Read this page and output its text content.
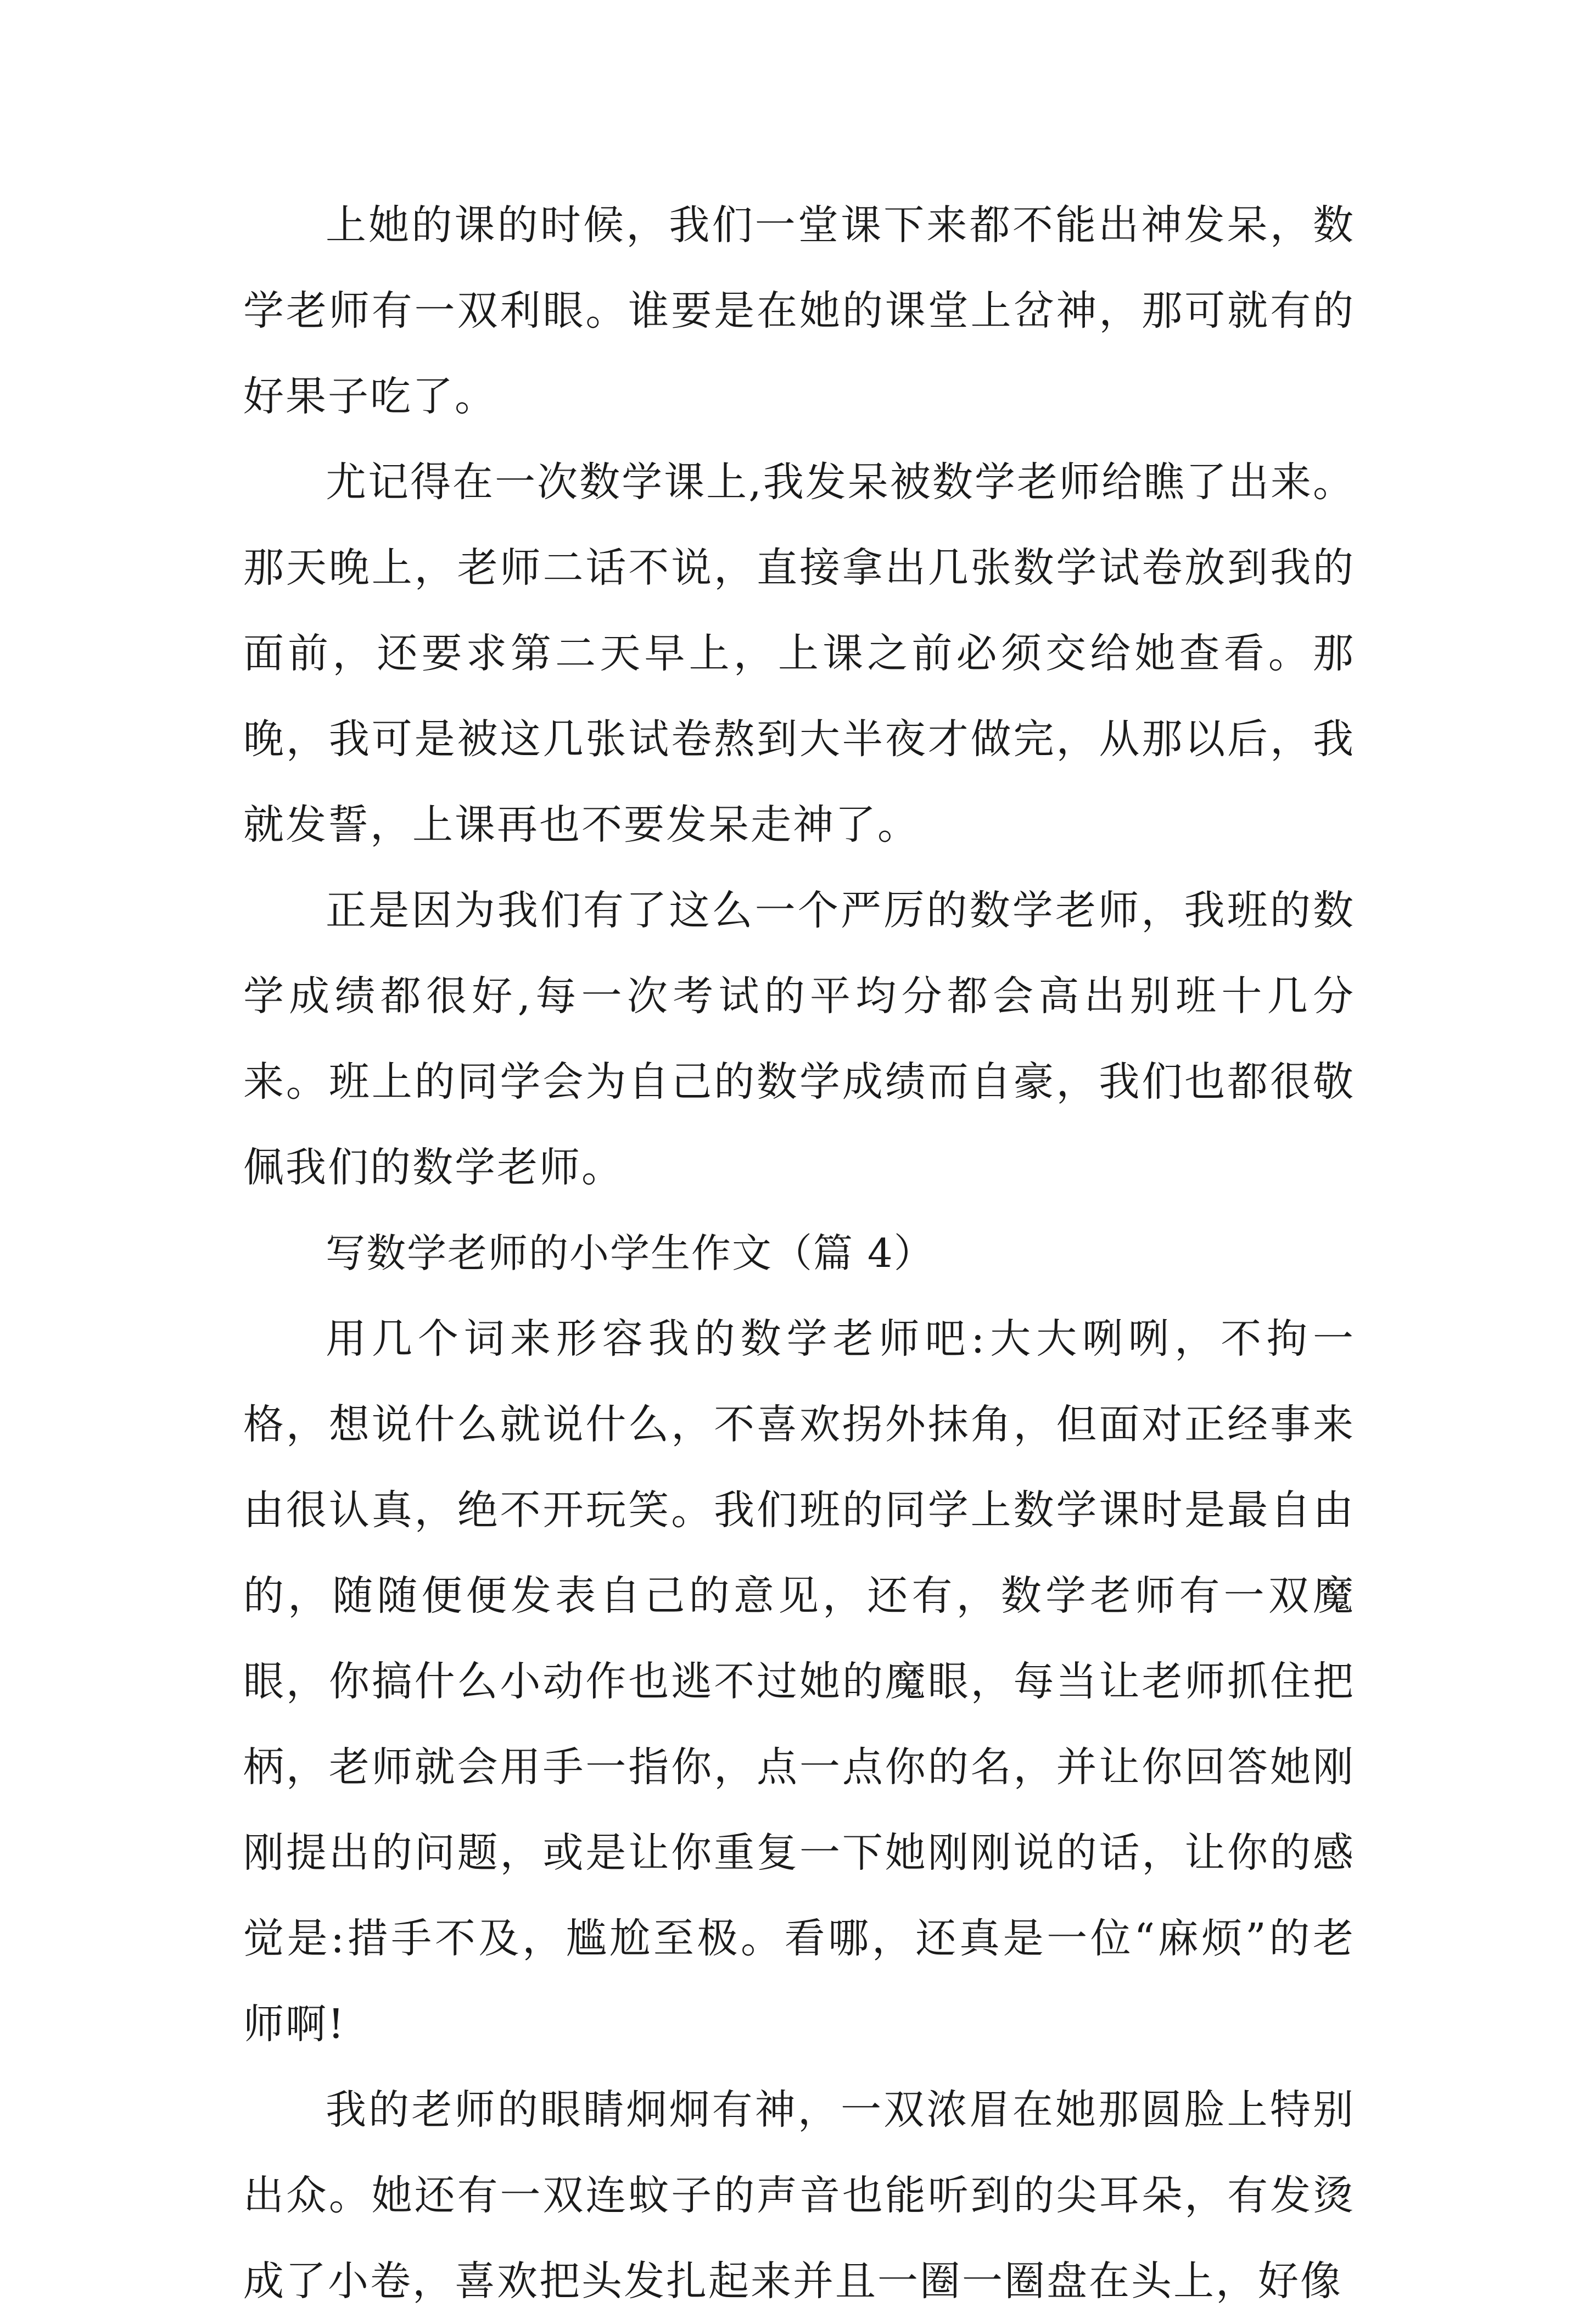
上她的课的时候，我们一堂课下来都不能出神发呆，数学老师有一双利眼。谁要是在她的课堂上岔神，那可就有的好果子吃了。

尤记得在一次数学课上,我发呆被数学老师给瞧了出来。那天晚上，老师二话不说，直接拿出几张数学试卷放到我的面前，还要求第二天早上，上课之前必须交给她查看。那晚，我可是被这几张试卷熬到大半夜才做完，从那以后，我就发誓，上课再也不要发呆走神了。

正是因为我们有了这么一个严厉的数学老师，我班的数学成绩都很好,每一次考试的平均分都会高出别班十几分来。班上的同学会为自己的数学成绩而自豪，我们也都很敬佩我们的数学老师。

写数学老师的小学生作文（篇 4）

用几个词来形容我的数学老师吧:大大咧咧，不拘一格，想说什么就说什么，不喜欢拐外抹角，但面对正经事来由很认真，绝不开玩笑。我们班的同学上数学课时是最自由的，随随便便发表自己的意见，还有，数学老师有一双魔眼，你搞什么小动作也逃不过她的魔眼，每当让老师抓住把柄，老师就会用手一指你，点一点你的名，并让你回答她刚刚提出的问题，或是让你重复一下她刚刚说的话，让你的感觉是:措手不及，尴尬至极。看哪，还真是一位“麻烦”的老师啊!

我的老师的眼睛炯炯有神，一双浓眉在她那圆脸上特别出众。她还有一双连蚊子的声音也能听到的尖耳朵，有发烫成了小卷，喜欢把头发扎起来并且一圈一圈盘在头上，好像
